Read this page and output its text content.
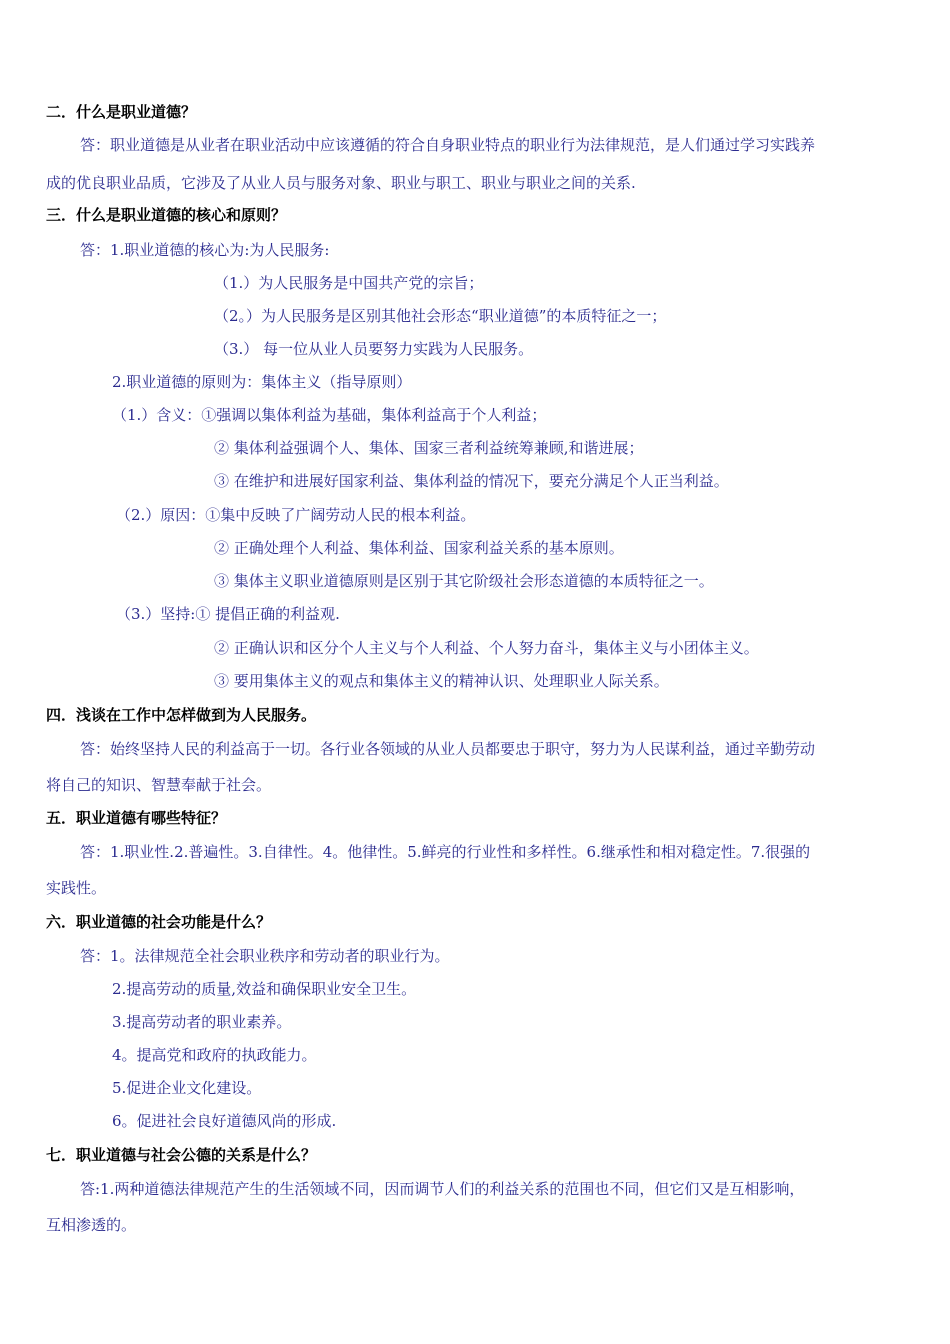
二．什么是职业道德？
答：职业道德是从业者在职业活动中应该遵循的符合自身职业特点的职业行为法律规范，是人们通过学习实践养
成的优良职业品质，它涉及了从业人员与服务对象、职业与职工、职业与职业之间的关系.
三．什么是职业道德的核心和原则？
答：1.职业道德的核心为:为人民服务:
（1.）为人民服务是中国共产党的宗旨；
（2。）为人民服务是区别其他社会形态“职业道德”的本质特征之一；
（3.） 每一位从业人员要努力实践为人民服务。
2.职业道德的原则为：集体主义（指导原则）
（1.）含义：①强调以集体利益为基础，集体利益高于个人利益；
② 集体利益强调个人、集体、国家三者利益统筹兼顾,和谐进展；
③ 在维护和进展好国家利益、集体利益的情况下，要充分满足个人正当利益。
（2.）原因：①集中反映了广阔劳动人民的根本利益。
② 正确处理个人利益、集体利益、国家利益关系的基本原则。
③ 集体主义职业道德原则是区别于其它阶级社会形态道德的本质特征之一。
（3.）坚持:① 提倡正确的利益观.
② 正确认识和区分个人主义与个人利益、个人努力奋斗，集体主义与小团体主义。
③ 要用集体主义的观点和集体主义的精神认识、处理职业人际关系。
四．浅谈在工作中怎样做到为人民服务。
答：始终坚持人民的利益高于一切。各行业各领域的从业人员都要忠于职守，努力为人民谋利益，通过辛勤劳动
将自己的知识、智慧奉献于社会。
五．职业道德有哪些特征？
答：1.职业性.2.普遍性。3.自律性。4。他律性。5.鲜亮的行业性和多样性。6.继承性和相对稳定性。7.很强的
实践性。
六．职业道德的社会功能是什么？
答：1。法律规范全社会职业秩序和劳动者的职业行为。
2.提高劳动的质量,效益和确保职业安全卫生。
3.提高劳动者的职业素养。
4。提高党和政府的执政能力。
5.促进企业文化建设。
6。促进社会良好道德风尚的形成.
七．职业道德与社会公德的关系是什么？
答:1.两种道德法律规范产生的生活领域不同，因而调节人们的利益关系的范围也不同，但它们又是互相影响，
互相渗透的。
